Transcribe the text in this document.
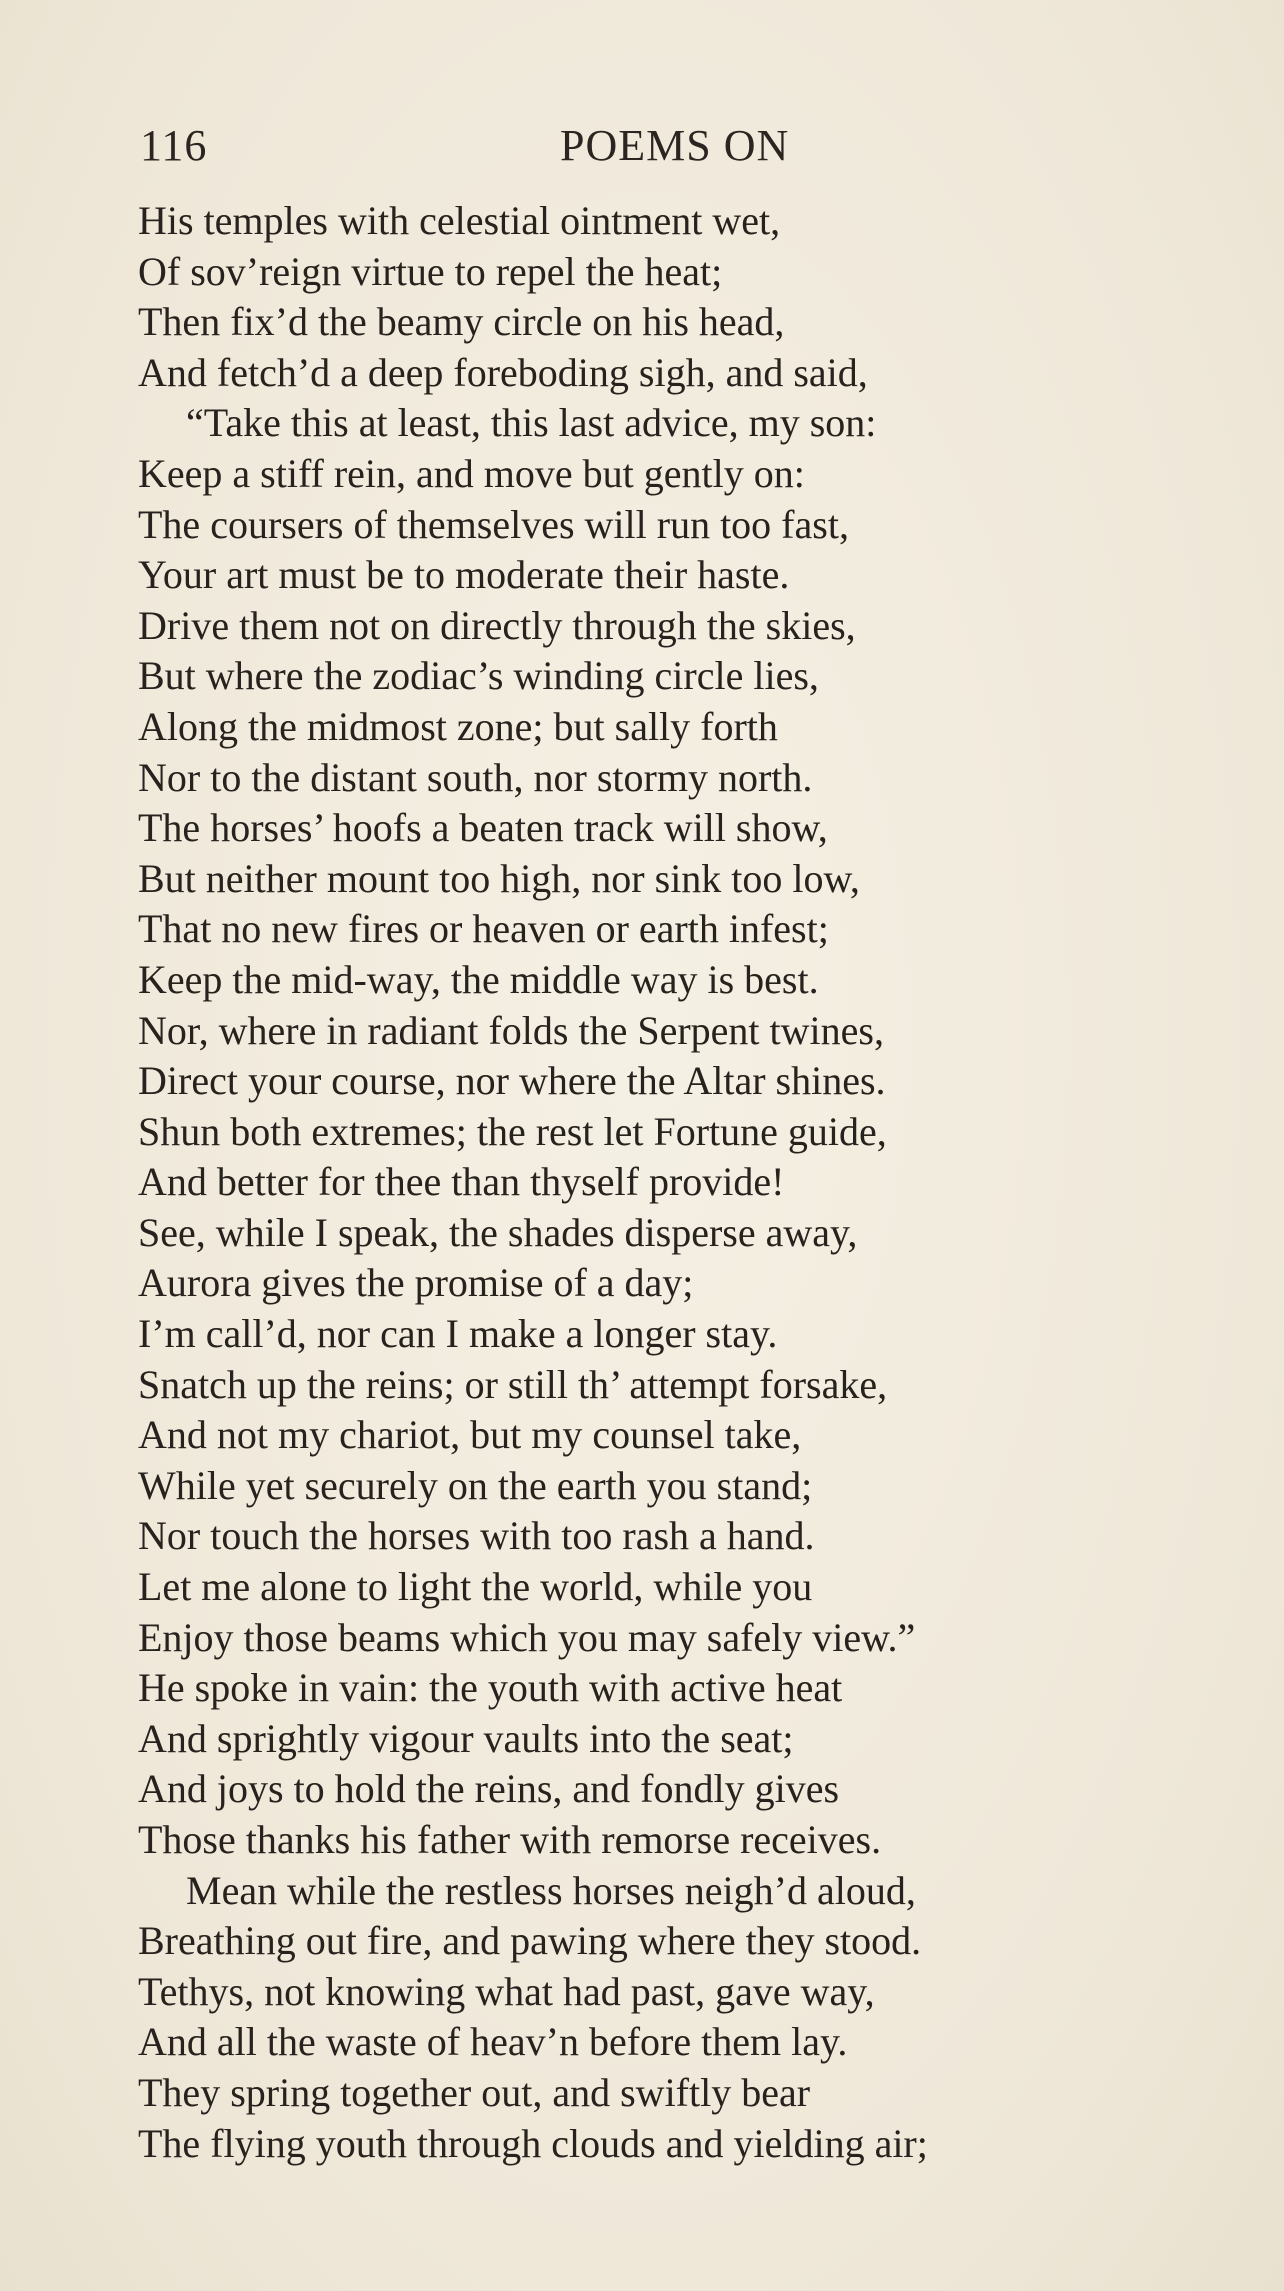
116	POEMS ON
His temples with celestial ointment wet,
Of sov’reign virtue to repel the heat;
Then fix’d the beamy circle on his head,
And fetch’d a deep foreboding sigh, and said,
“Take this at least, this last advice, my son:
Keep a stiff rein, and move but gently on:
The coursers of themselves will run too fast,
Your art must be to moderate their haste.
Drive them not on directly through the skies,
But where the zodiac’s winding circle lies,
Along the midmost zone; but sally forth
Nor to the distant south, nor stormy north.
The horses’ hoofs a beaten track will show,
But neither mount too high, nor sink too low,
That no new fires or heaven or earth infest;
Keep the mid-way, the middle way is best.
Nor, where in radiant folds the Serpent twines,
Direct your course, nor where the Altar shines.
Shun both extremes; the rest let Fortune guide,
And better for thee than thyself provide!
See, while I speak, the shades disperse away,
Aurora gives the promise of a day;
I’m call’d, nor can I make a longer stay.
Snatch up the reins; or still th’ attempt forsake,
And not my chariot, but my counsel take,
While yet securely on the earth you stand;
Nor touch the horses with too rash a hand.
Let me alone to light the world, while you
Enjoy those beams which you may safely view.”
He spoke in vain: the youth with active heat
And sprightly vigour vaults into the seat;
And joys to hold the reins, and fondly gives
Those thanks his father with remorse receives.
Mean while the restless horses neigh’d aloud,
Breathing out fire, and pawing where they stood.
Tethys, not knowing what had past, gave way,
And all the waste of heav’n before them lay.
They spring together out, and swiftly bear
The flying youth through clouds and yielding air;
